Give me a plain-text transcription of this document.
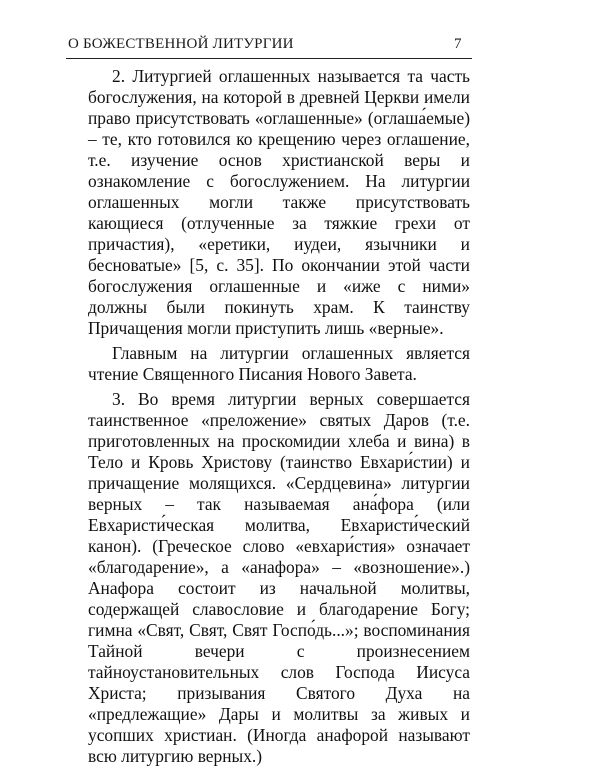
О БОЖЕСТВЕННОЙ ЛИТУРГИИ	7

2. Литургией оглашенных называется та часть богослужения, на которой в древней Церкви имели право присутствовать «оглашенные» (оглаша́емые) – те, кто готовился ко крещению через оглашение, т.е. изучение основ христианской веры и ознакомление с богослужением. На литургии оглашенных могли также присутствовать кающиеся (отлученные за тяжкие грехи от причастия), «еретики, иудеи, язычники и бесноватые» [5, с. 35]. По окончании этой части богослужения оглашенные и «иже с ними» должны были покинуть храм. К таинству Причащения могли приступить лишь «верные».

Главным на литургии оглашенных является чтение Священного Писания Нового Завета.

3. Во время литургии верных совершается таинственное «преложение» святых Даров (т.е. приготовленных на проскомидии хлеба и вина) в Тело и Кровь Христову (таинство Евхари́стии) и причащение молящихся. «Сердцевина» литургии верных – так называемая ана́фора (или Евхаристи́ческая молитва, Евхаристи́ческий канон). (Греческое слово «евхари́стия» означает «благодарение», а «анафора» – «возношение».) Анафора состоит из начальной молитвы, содержащей славословие и благодарение Богу; гимна «Свят, Свят, Свят Госпо́дь...»; воспоминания Тайной вечери с произнесением тайноустановительных слов Господа Иисуса Христа; призывания Святого Духа на «предлежащие» Дары и молитвы за живых и усопших христиан. (Иногда анафорой называют всю литургию верных.)
